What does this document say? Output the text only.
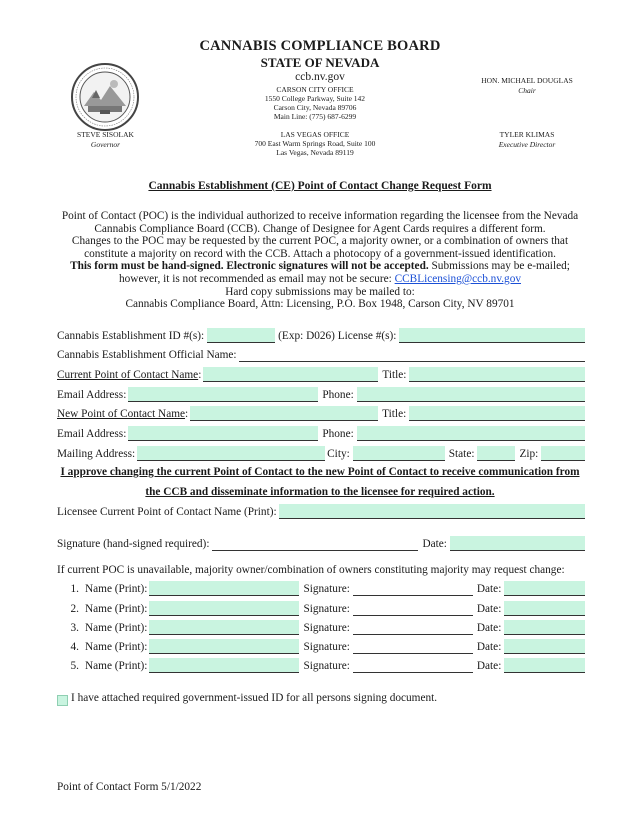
CANNABIS COMPLIANCE BOARD
STATE OF NEVADA
ccb.nv.gov
CARSON CITY OFFICE
1550 College Parkway, Suite 142
Carson City, Nevada 89706
Main Line: (775) 687-6299
LAS VEGAS OFFICE
700 East Warm Springs Road, Suite 100
Las Vegas, Nevada 89119
STEVE SISOLAK
Governor
HON. MICHAEL DOUGLAS
Chair
TYLER KLIMAS
Executive Director
Cannabis Establishment (CE) Point of Contact Change Request Form
Point of Contact (POC) is the individual authorized to receive information regarding the licensee from the Nevada
Cannabis Compliance Board (CCB). Change of Designee for Agent Cards requires a different form.
Changes to the POC may be requested by the current POC, a majority owner, or a combination of owners that
constitute a majority on record with the CCB. Attach a photocopy of a government-issued identification.
This form must be hand-signed. Electronic signatures will not be accepted. Submissions may be e-mailed;
however, it is not recommended as email may not be secure: CCBLicensing@ccb.nv.gov
Hard copy submissions may be mailed to:
Cannabis Compliance Board, Attn: Licensing, P.O. Box 1948, Carson City, NV 89701
Cannabis Establishment ID #(s):	(Exp: D026) License #(s):
Cannabis Establishment Official Name:
Current Point of Contact Name :	Title:
Email Address:	Phone:
New Point of Contact Name :	Title:
Email Address:	Phone:
Mailing Address:	City:	State:	Zip:
I approve changing the current Point of Contact to the new Point of Contact to receive communication from
the CCB and disseminate information to the licensee for required action.
Licensee Current Point of Contact Name (Print):
Signature (hand-signed required):	Date:
If current POC is unavailable, majority owner/combination of owners constituting majority may request change:
1. Name (Print):	Signature:	Date:
2. Name (Print):	Signature:	Date:
3. Name (Print):	Signature:	Date:
4. Name (Print):	Signature:	Date:
5. Name (Print):	Signature:	Date:
I have attached required government-issued ID for all persons signing document.
Point of Contact Form 5/1/2022
